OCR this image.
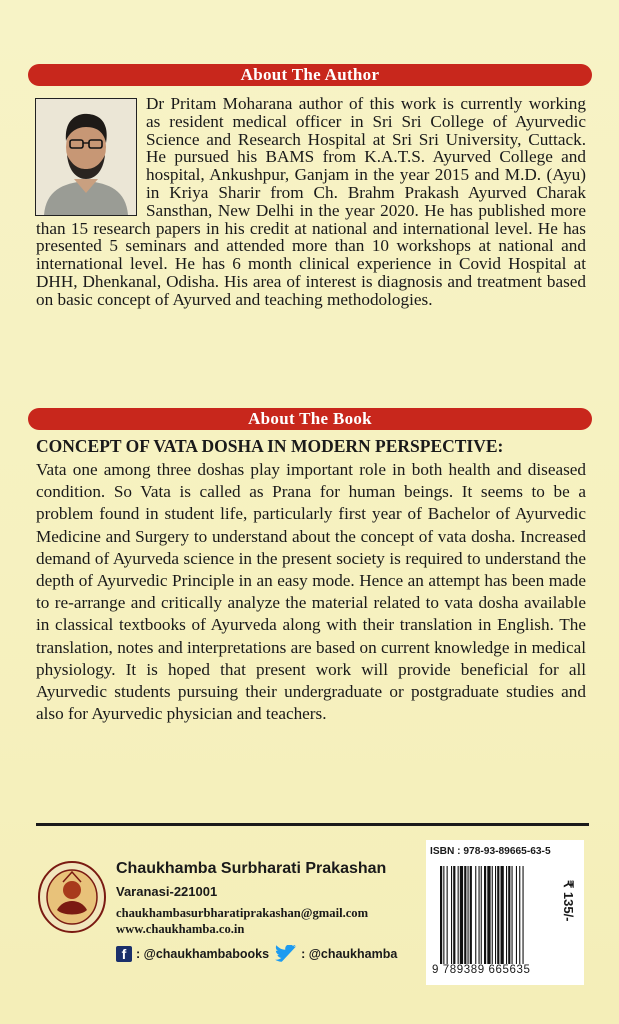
About The Author

Dr Pritam Moharana author of this work is currently working as resident medical officer in Sri Sri College of Ayurvedic Science and Research Hospital at Sri Sri University, Cuttack. He pursued his BAMS from K.A.T.S. Ayurved College and hospital, Ankushpur, Ganjam in the year 2015 and M.D. (Ayu) in Kriya Sharir from Ch. Brahm Prakash Ayurved Charak Sansthan, New Delhi in the year 2020. He has published more than 15 research papers in his credit at national and international level. He has presented 5 seminars and attended more than 10 workshops at national and international level. He has 6 month clinical experience in Covid Hospital at DHH, Dhenkanal, Odisha. His area of interest is diagnosis and treatment based on basic concept of Ayurved and teaching methodologies.

About The Book

CONCEPT OF VATA DOSHA IN MODERN PERSPECTIVE:

Vata one among three doshas play important role in both health and diseased condition. So Vata is called as Prana for human beings. It seems to be a problem found in student life, particularly first year of Bachelor of Ayurvedic Medicine and Surgery to understand about the concept of vata dosha. Increased demand of Ayurveda science in the present society is required to understand the depth of Ayurvedic Principle in an easy mode. Hence an attempt has been made to re-arrange and critically analyze the material related to vata dosha available in classical textbooks of Ayurveda along with their translation in English. The translation, notes and interpretations are based on current knowledge in medical physiology. It is hoped that present work will provide beneficial for all Ayurvedic students pursuing their undergraduate or postgraduate studies and also for Ayurvedic physician and teachers.

Chaukhamba Surbharati Prakashan

Varanasi-221001

chaukhambasurbharatiprakashan@gmail.com

www.chaukhamba.co.in

f : @chaukhambabooks	: @chaukhamba

ISBN : 978-93-89665-63-5

9 789389 665635

₹ 135/-
